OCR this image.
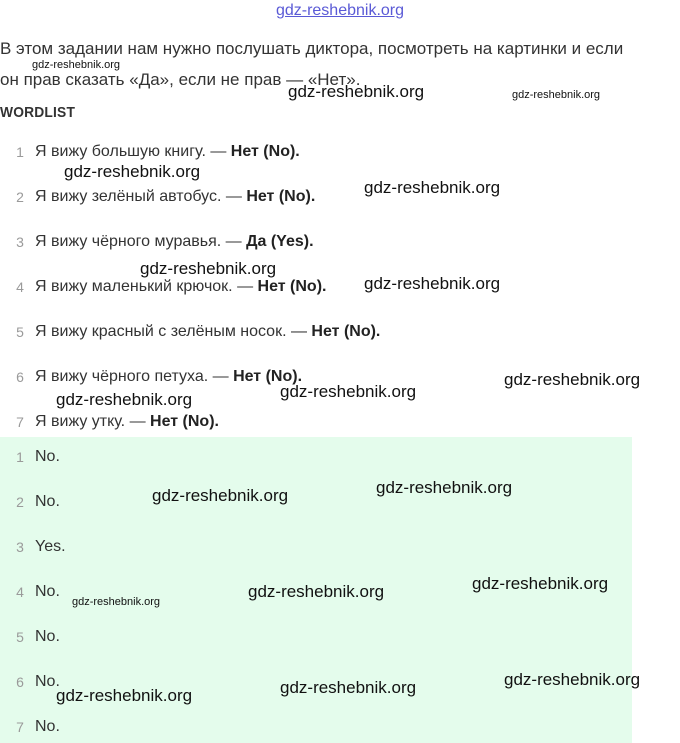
gdz-reshebnik.org
В этом задании нам нужно послушать диктора, посмотреть на картинки и если
он прав сказать «Да», если не прав — «Нет».
WORDLIST
1 Я вижу большую книгу. — Нет (No).
2 Я вижу зелёный автобус. — Нет (No).
3 Я вижу чёрного муравья. — Да (Yes).
4 Я вижу маленький крючок. — Нет (No).
5 Я вижу красный с зелёным носок. — Нет (No).
6 Я вижу чёрного петуха. — Нет (No).
7 Я вижу утку. — Нет (No).
1 No.
2 No.
3 Yes.
4 No.
5 No.
6 No.
7 No.
gdz-reshebnik.org
gdz-reshebnik.org	gdz-reshebnik.org
gdz-reshebnik.org
gdz-reshebnik.org
gdz-reshebnik.org
gdz-reshebnik.org
gdz-reshebnik.org
gdz-reshebnik.org
gdz-reshebnik.org
gdz-reshebnik.org
gdz-reshebnik.org
gdz-reshebnik.org
gdz-reshebnik.org
gdz-reshebnik.org
gdz-reshebnik.org
gdz-reshebnik.org
gdz-reshebnik.org
